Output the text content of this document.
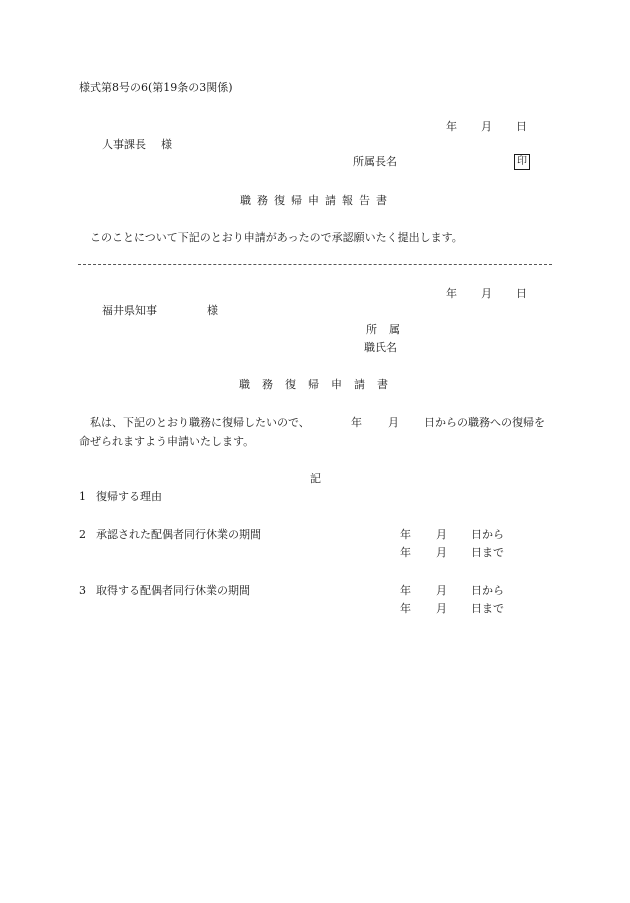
様式第8号の6(第19条の3関係)
年 月 日
人事課長 様
所属長名	印
職務復帰申請報告書
このことについて下記のとおり申請があったので承認願いたく提出します。
年 月 日
福井県知事	様
所属
職氏名
職務復帰申請書
私は、下記のとおり職務に復帰したいので、	年 月 日からの職務への復帰を
命ぜられますよう申請いたします。
記
1 復帰する理由
2 承認された配偶者同行休業の期間	年 月 日から
年 月 日まで
3 取得する配偶者同行休業の期間	年 月 日から
年 月 日まで
